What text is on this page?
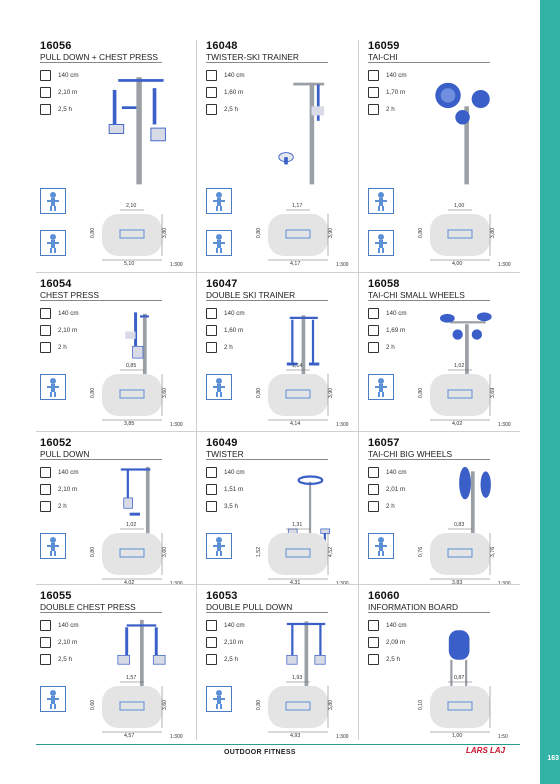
163
16056
PULL DOWN + CHEST PRESS
140 cm
2,10 m
2,5 h
2,10
0,80	3,80
5,10	1:300
16048
TWISTER-SKI TRAINER
140 cm
1,60 m
2,5 h
1,17
0,80	3,90
4,17	1:300
16059
TAI-CHI
140 cm
1,70 m
2 h
1,00
0,80	3,80
4,00	1:300
16054
CHEST PRESS
140 cm
2,10 m
2 h
0,85
0,80	3,60
3,85	1:300
16047
DOUBLE SKI TRAINER
140 cm
1,60 m
2 h
1,14
0,80	3,90
4,14	1:300
16058
TAI-CHI SMALL WHEELS
140 cm
1,69 m
2 h
1,02
0,80	3,69
4,02	1:300
16052
PULL DOWN
140 cm
2,10 m
2 h
1,02
0,80	3,60
4,02	1:300
16049
TWISTER
140 cm
1,51 m
3,5 h
1,31
1,52	4,52
4,31	1:300
16057
TAI-CHI BIG WHEELS
140 cm
2,01 m
2 h
0,83
0,76	3,76
3,83	1:300
16055
DOUBLE CHEST PRESS
140 cm
2,10 m
2,5 h
1,57
0,60	3,60
4,57	1:300
16053
DOUBLE PULL DOWN
140 cm
2,10 m
2,5 h
1,93
0,80	3,80
4,93	1:300
16060
INFORMATION BOARD
140 cm
2,09 m
2,5 h
0,87
0,10
1,00	1:50
OUTDOOR FITNESS	LARS LAJ
